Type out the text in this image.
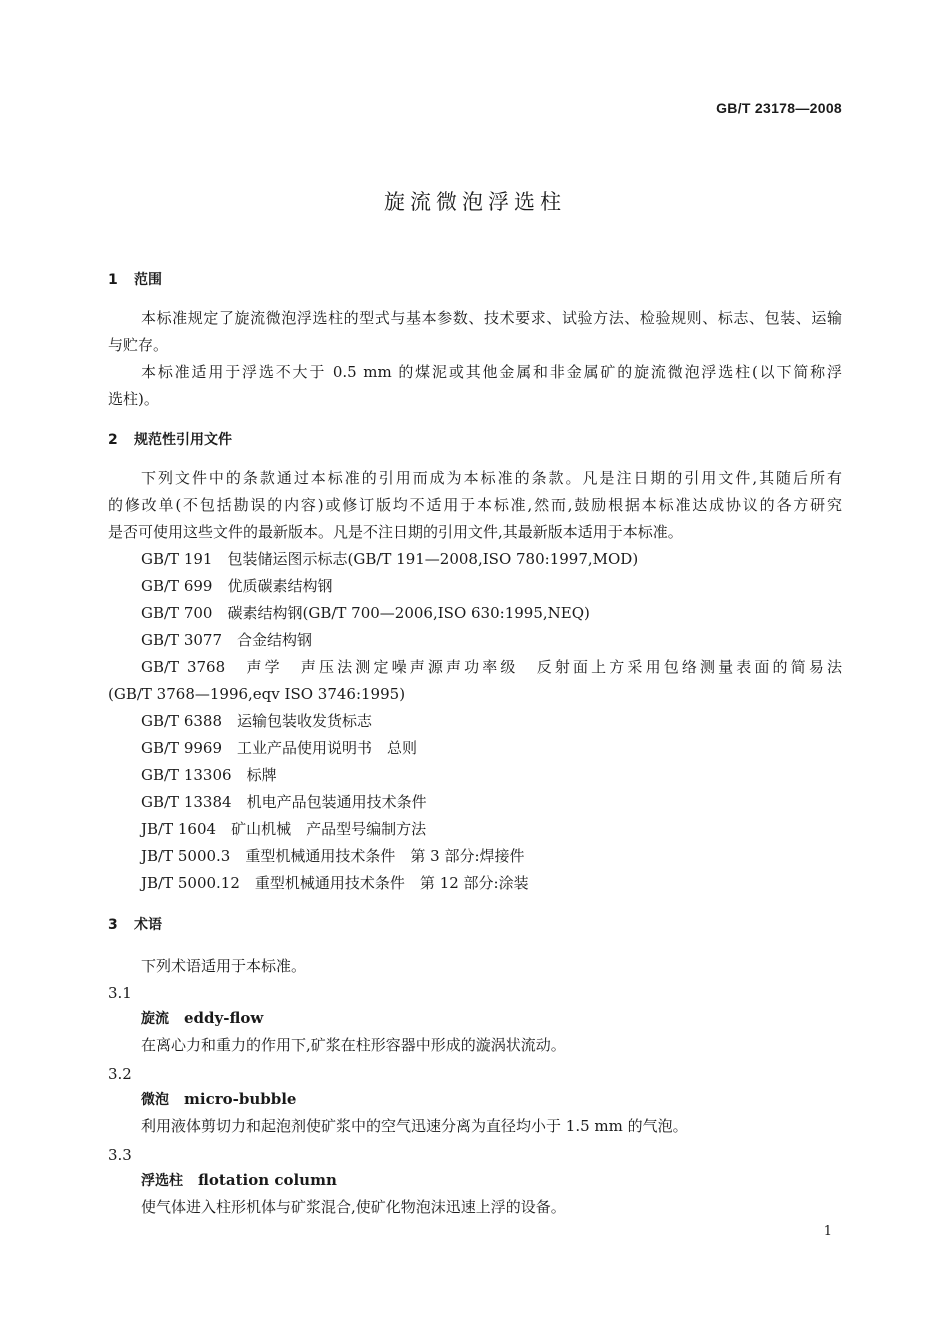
GB/T 23178—2008
旋流微泡浮选柱
1 范围
本标准规定了旋流微泡浮选柱的型式与基本参数、技术要求、试验方法、检验规则、标志、包装、运输
与贮存。
本标准适用于浮选不大于 0.5 mm 的煤泥或其他金属和非金属矿的旋流微泡浮选柱(以下简称浮
选柱)。
2 规范性引用文件
下列文件中的条款通过本标准的引用而成为本标准的条款。凡是注日期的引用文件,其随后所有
的修改单(不包括勘误的内容)或修订版均不适用于本标准,然而,鼓励根据本标准达成协议的各方研究
是否可使用这些文件的最新版本。凡是不注日期的引用文件,其最新版本适用于本标准。
GB/T 191　 包装储运图示标志(GB/T 191—2008,ISO 780:1997,MOD)
GB/T 699　 优质碳素结构钢
GB/T 700　 碳素结构钢(GB/T 700—2006,ISO 630:1995,NEQ)
GB/T 3077　 合金结构钢
GB/T 3768　 声学　声压法测定噪声源声功率级　反射面上方采用包络测量表面的简易法
(GB/T 3768—1996,eqv ISO 3746:1995)
GB/T 6388　 运输包装收发货标志
GB/T 9969　 工业产品使用说明书　总则
GB/T 13306　 标牌
GB/T 13384　 机电产品包装通用技术条件
JB/T 1604　 矿山机械　产品型号编制方法
JB/T 5000.3　 重型机械通用技术条件　第 3 部分:焊接件
JB/T 5000.12　 重型机械通用技术条件　第 12 部分:涂装
3 术语
下列术语适用于本标准。
3.1
旋流　 eddy-flow
在离心力和重力的作用下,矿浆在柱形容器中形成的漩涡状流动。
3.2
微泡　 micro-bubble
利用液体剪切力和起泡剂使矿浆中的空气迅速分离为直径均小于 1.5 mm 的气泡。
3.3
浮选柱　 flotation column
使气体进入柱形机体与矿浆混合,使矿化物泡沫迅速上浮的设备。
1
